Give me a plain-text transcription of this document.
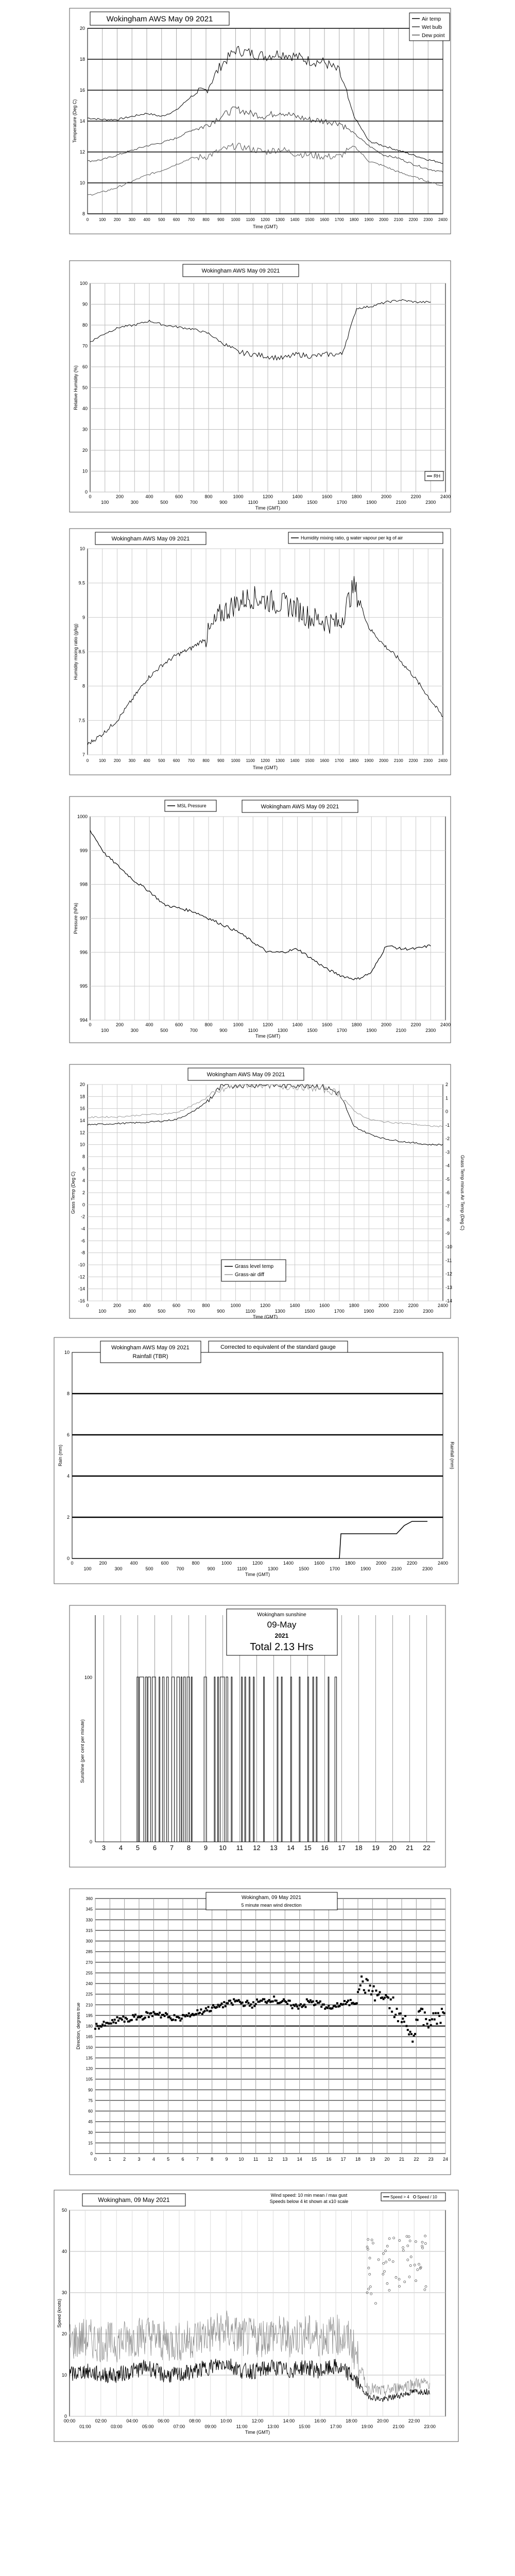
8
10
12
14
16
18
20
0 100 200 300 400 500 600 700 800 900 1000 1100 1200 1300 1400 1500 1600 1700 1800 1900 2000 2100 2200 2300 2400
Time (GMT)
Temperature (Deg C)
Wokingham AWS May 09 2021	Air temp
Wet bulb
Dew point
0
10
20
30
40
50
60
70
80
90
100
0	200	400	600	800	1000	1200	1400	1600	1800	2000	2200	2400
100	300	500	700	900	1100	1300	1500	1700	1900	2100	2300
Time (GMT)
Relative Humidity (%)
Wokingham AWS May 09 2021
RH
7
7.5
8
8.5
9
9.5
10
0 100 200 300 400 500 600 700 800 900 1000 1100 1200 1300 1400 1500 1600 1700 1800 1900 2000 2100 2200 2300 2400
Time (GMT)
Humidity mixing ratio (g/kg)
Wokingham AWS May 09 2021	Humidity mixing ratio, g water vapour per kg of air
994
995
996
997
998
999
1000
0	200	400	600	800	1000	1200	1400	1600	1800	2000	2200	2400
100	300	500	700	900	1100	1300	1500	1700	1900	2100	2300
Time (GMT)
Pressure (hPa)
Wokingham AWS May 09 2021
MSL Pressure
-16
-14
-12
-10
-8
-6
-4
-2
0
2
4
6
8
10
12
14
16
18
20
-14
-13
-12
-11
-10
-9
-8
-7
-6
-5
-4
-3
-2
-1
0
1
2
0	200	400	600	800	1000	1200	1400	1600	1800	2000	2200	2400
100	300	500	700	900	1100	1300	1500	1700	1900	2100	2300
Time (GMT)
Grass Temp (Deg C)	Grass Temp minus Air Temp (Deg C)
Wokingham AWS May 09 2021
Grass level temp
Grass-air diff
0
2
4
6
8
10
0	200	400	600	800	1000	1200	1400	1600	1800	2000	2200	2400
100	300	500	700	900	1100	1300	1500	1700	1900	2100	2300
Time (GMT)
Rain (mm)	Rainfall (mm)
Wokingham AWS May 09 2021
Rainfall (TBR)
Corrected to equivalent of the standard gauge
3 4 5 6 7 8 9 10 11 12 13 14 15 16 17 18 19 20 21 22
100
0
Sunshine (per cent per minute)
Wokingham sunshine
09-May
2021
Total 2.13 Hrs
0
15
30
45
60
75
90
105
120
135
150
165
180
195
210
225
240
255
270
285
300
315
330
345
360
0	1	2	3	4	5	6	7	8	9 10 11 12 13 14 15 16 17 18 19 20 21 22 23 24
Direction, degrees true
Wokingham, 09 May 2021
5 minute mean wind direction
0
10
20
30
40
50
00:00	02:00	04:00	06:00	08:00	10:00	12:00	14:00	16:00	18:00	20:00	22:00
01:00	03:00	05:00	07:00	09:00	11:00	13:00	15:00	17:00	19:00	21:00	23:00
Time (GMT)
Speed (knots)
Wokingham, 09 May 2021
Wind speed: 10 min mean / max gust
Speeds below 4 kt shown at x10 scale
Speed > 4 Speed / 10
